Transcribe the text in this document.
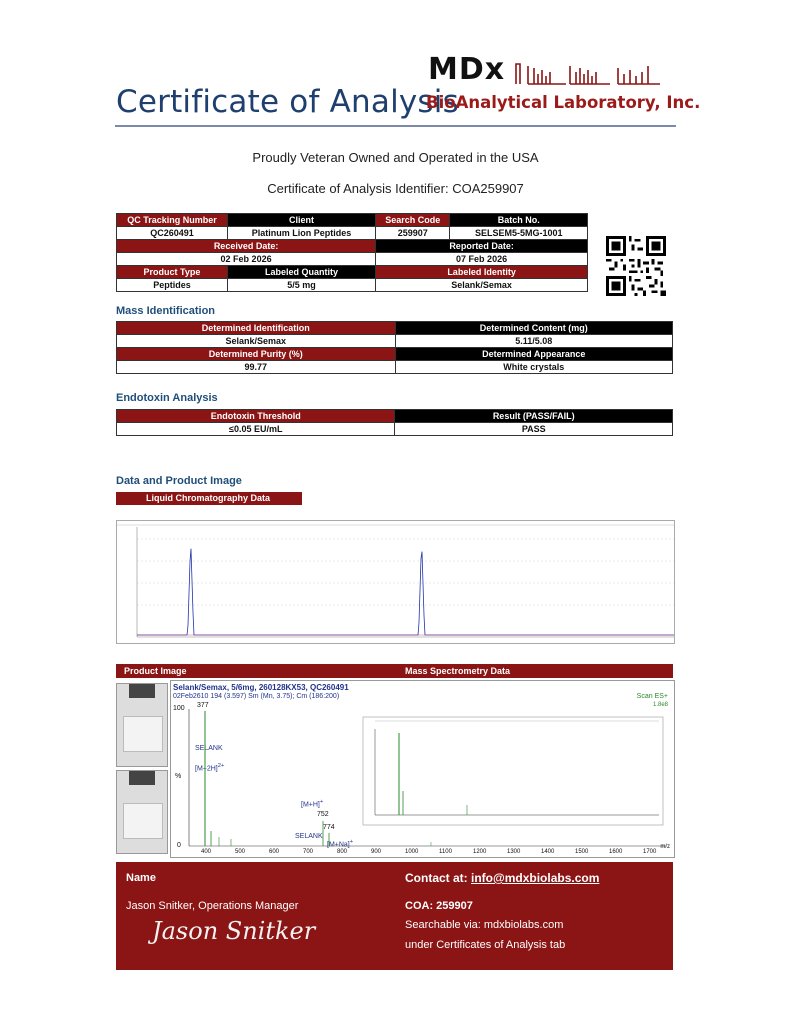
MDx
Certificate of Analysis
BioAnalytical Laboratory, Inc.
Proudly Veteran Owned and Operated in the USA
Certificate of Analysis Identifier: COA259907
QC Tracking Number	Client	Search Code	Batch No.
QC260491	Platinum Lion Peptides	259907	SELSEM5-5MG-1001
Received Date:		Reported Date:	
02 Feb 2026		07 Feb 2026	
Product Type	Labeled Quantity	Labeled Identity	
Peptides	5/5 mg	Selank/Semax	
Mass Identification
Determined Identification	Determined Content (mg)
Selank/Semax	5.11/5.08
Determined Purity (%)	Determined Appearance
99.77	White crystals
Endotoxin Analysis
Endotoxin Threshold	Result (PASS/FAIL)
≤0.05 EU/mL	PASS
Data and Product Image
Liquid Chromatography Data
Product Image	Mass Spectrometry Data
Selank/Semax, 5/6mg, 260128KX53, QC260491
02Feb2610 194 (3.597) Sm (Mn, 3.75); Cm (186:200)	Scan ES+
1.8e8
100
%
0
377
SELANK
$[M+2H]^{2+}$
[M+H]+
752
774
SELANK
[M+Na]+
m/z
400	500	600	700	800	900	1000	1100	1200	1300	1400	1500	1600	1700
Name
Jason Snitker, Operations Manager
Jason Snitker
Contact at: info@mdxbiolabs.com
COA: 259907
Searchable via: mdxbiolabs.com
under Certificates of Analysis tab
